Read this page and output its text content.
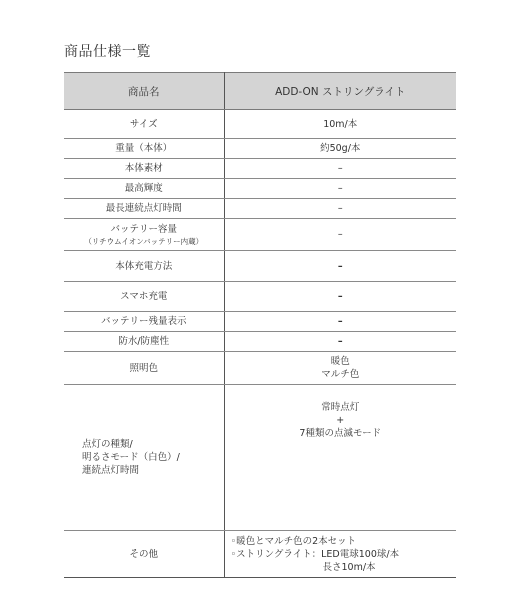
商品仕様一覧
商品名	ADD-ON ストリングライト
サイズ	10m/本
重量（本体）	約50g/本
本体素材	–
最高輝度	–
最長連続点灯時間	–

バッテリー容量
（リチウムイオンバッテリー内蔵）	–
本体充電方法	–
スマホ充電	–
バッテリー残量表示	–
防水/防塵性	–
照明色	暖色
マルチ色

点灯の種類/
明るさモード（白色）/
連続点灯時間	常時点灯
+
7種類の点滅モード

その他	◦暖色とマルチ色の2本セット
◦ストリングライト：LED電球100球/本
長さ10m/本
